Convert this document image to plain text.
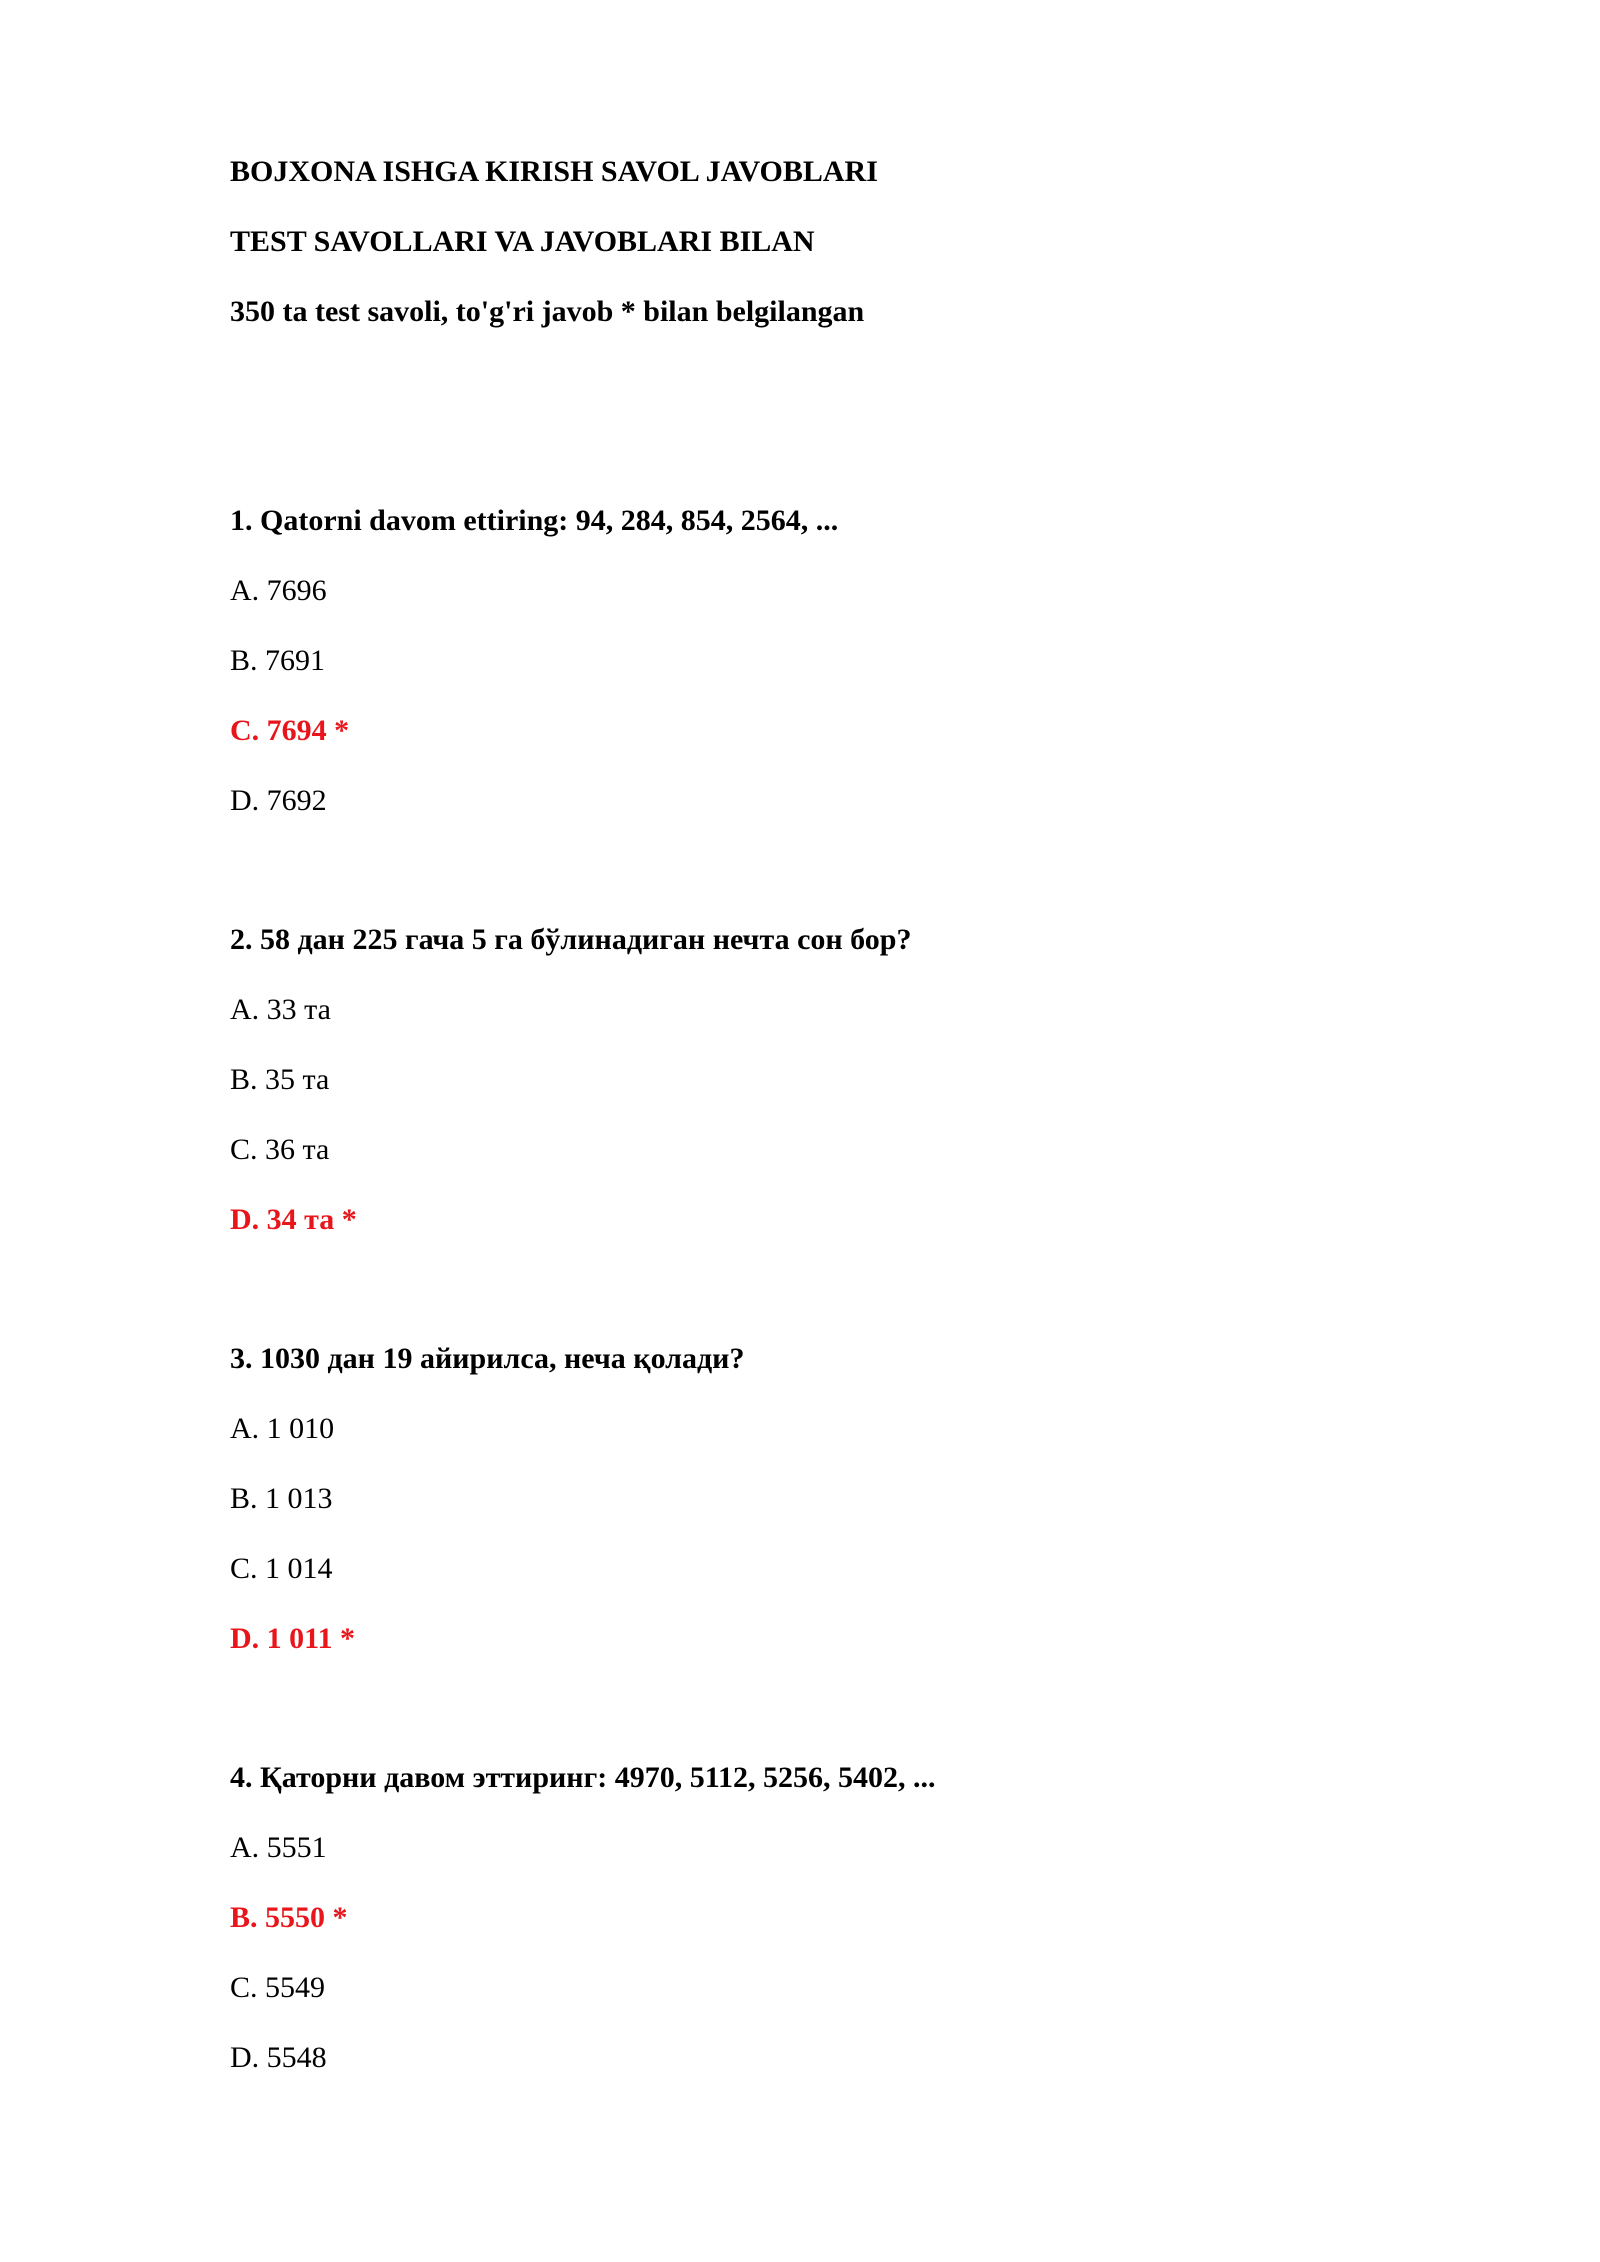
BOJXONA ISHGA KIRISH SAVOL JAVOBLARI
TEST SAVOLLARI VA JAVOBLARI BILAN
350 ta test savoli, to'g'ri javob * bilan belgilangan
1. Qatorni davom ettiring: 94, 284, 854, 2564, ...
A. 7696
B. 7691
C. 7694 *
D. 7692
2. 58 дан 225 гача 5 га бўлинадиган нечта сон бор?
A. 33 та
B. 35 та
C. 36 та
D. 34 та *
3. 1030 дан 19 айирилса, неча қолади?
A. 1 010
B. 1 013
C. 1 014
D. 1 011 *
4. Қаторни давом эттиринг: 4970, 5112, 5256, 5402, ...
A. 5551
B. 5550 *
C. 5549
D. 5548
